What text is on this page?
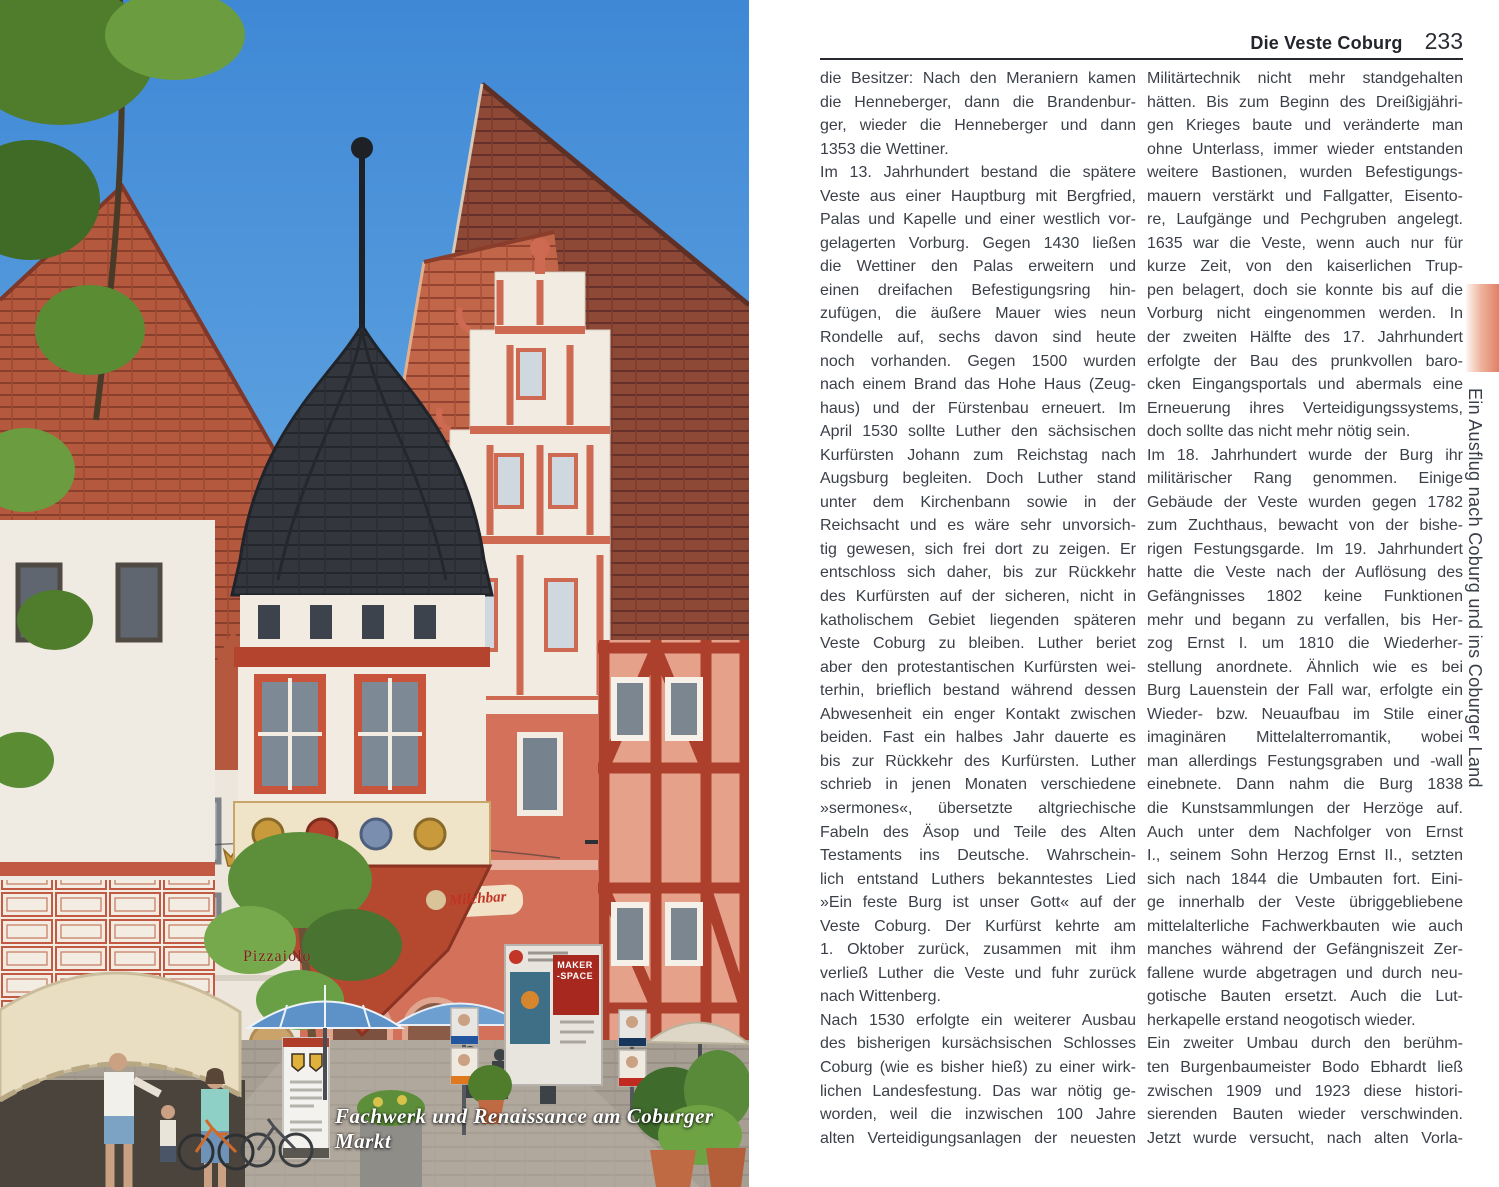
Pizzaiolo
Milchbar
MAKER
-SPACE
Fachwerk und Renaissance am Coburger Markt
Die Veste Coburg 233
die Besitzer: Nach den Meraniern kamen
die Henneberger, dann die Brandenbur-
ger, wieder die Henneberger und dann
1353 die Wettiner.
Im 13. Jahrhundert bestand die spätere
Veste aus einer Hauptburg mit Bergfried,
Palas und Kapelle und einer westlich vor-
gelagerten Vorburg. Gegen 1430 ließen
die Wettiner den Palas erweitern und
einen dreifachen Befestigungsring hin-
zufügen, die äußere Mauer wies neun
Rondelle auf, sechs davon sind heute
noch vorhanden. Gegen 1500 wurden
nach einem Brand das Hohe Haus (Zeug-
haus) und der Fürstenbau erneuert. Im
April 1530 sollte Luther den sächsischen
Kurfürsten Johann zum Reichstag nach
Augsburg begleiten. Doch Luther stand
unter dem Kirchenbann sowie in der
Reichsacht und es wäre sehr unvorsich-
tig gewesen, sich frei dort zu zeigen. Er
entschloss sich daher, bis zur Rückkehr
des Kurfürsten auf der sicheren, nicht in
katholischem Gebiet liegenden späteren
Veste Coburg zu bleiben. Luther beriet
aber den protestantischen Kurfürsten wei-
terhin, brieflich bestand während dessen
Abwesenheit ein enger Kontakt zwischen
beiden. Fast ein halbes Jahr dauerte es
bis zur Rückkehr des Kurfürsten. Luther
schrieb in jenen Monaten verschiedene
»sermones«, übersetzte altgriechische
Fabeln des Äsop und Teile des Alten
Testaments ins Deutsche. Wahrschein-
lich entstand Luthers bekanntestes Lied
»Ein feste Burg ist unser Gott« auf der
Veste Coburg. Der Kurfürst kehrte am
1. Oktober zurück, zusammen mit ihm
verließ Luther die Veste und fuhr zurück
nach Wittenberg.
Nach 1530 erfolgte ein weiterer Ausbau
des bisherigen kursächsischen Schlosses
Coburg (wie es bisher hieß) zu einer wirk-
lichen Landesfestung. Das war nötig ge-
worden, weil die inzwischen 100 Jahre
alten Verteidigungsanlagen der neuesten
Militärtechnik nicht mehr standgehalten
hätten. Bis zum Beginn des Dreißigjähri-
gen Krieges baute und veränderte man
ohne Unterlass, immer wieder entstanden
weitere Bastionen, wurden Befestigungs-
mauern verstärkt und Fallgatter, Eisento-
re, Laufgänge und Pechgruben angelegt.
1635 war die Veste, wenn auch nur für
kurze Zeit, von den kaiserlichen Trup-
pen belagert, doch sie konnte bis auf die
Vorburg nicht eingenommen werden. In
der zweiten Hälfte des 17. Jahrhundert
erfolgte der Bau des prunkvollen baro-
cken Eingangsportals und abermals eine
Erneuerung ihres Verteidigungssystems,
doch sollte das nicht mehr nötig sein.
Im 18. Jahrhundert wurde der Burg ihr
militärischer Rang genommen. Einige
Gebäude der Veste wurden gegen 1782
zum Zuchthaus, bewacht von der bishe-
rigen Festungsgarde. Im 19. Jahrhundert
hatte die Veste nach der Auflösung des
Gefängnisses 1802 keine Funktionen
mehr und begann zu verfallen, bis Her-
zog Ernst I. um 1810 die Wiederher-
stellung anordnete. Ähnlich wie es bei
Burg Lauenstein der Fall war, erfolgte ein
Wieder- bzw. Neuaufbau im Stile einer
imaginären Mittelalterromantik, wobei
man allerdings Festungsgraben und -wall
einebnete. Dann nahm die Burg 1838
die Kunstsammlungen der Herzöge auf.
Auch unter dem Nachfolger von Ernst
I., seinem Sohn Herzog Ernst II., setzten
sich nach 1844 die Umbauten fort. Eini-
ge innerhalb der Veste übriggebliebene
mittelalterliche Fachwerkbauten wie auch
manches während der Gefängniszeit Zer-
fallene wurde abgetragen und durch neu-
gotische Bauten ersetzt. Auch die Lut-
herkapelle erstand neogotisch wieder.
Ein zweiter Umbau durch den berühm-
ten Burgenbaumeister Bodo Ebhardt ließ
zwischen 1909 und 1923 diese histori-
sierenden Bauten wieder verschwinden.
Jetzt wurde versucht, nach alten Vorla-
Ein Ausflug nach Coburg und ins Coburger Land
